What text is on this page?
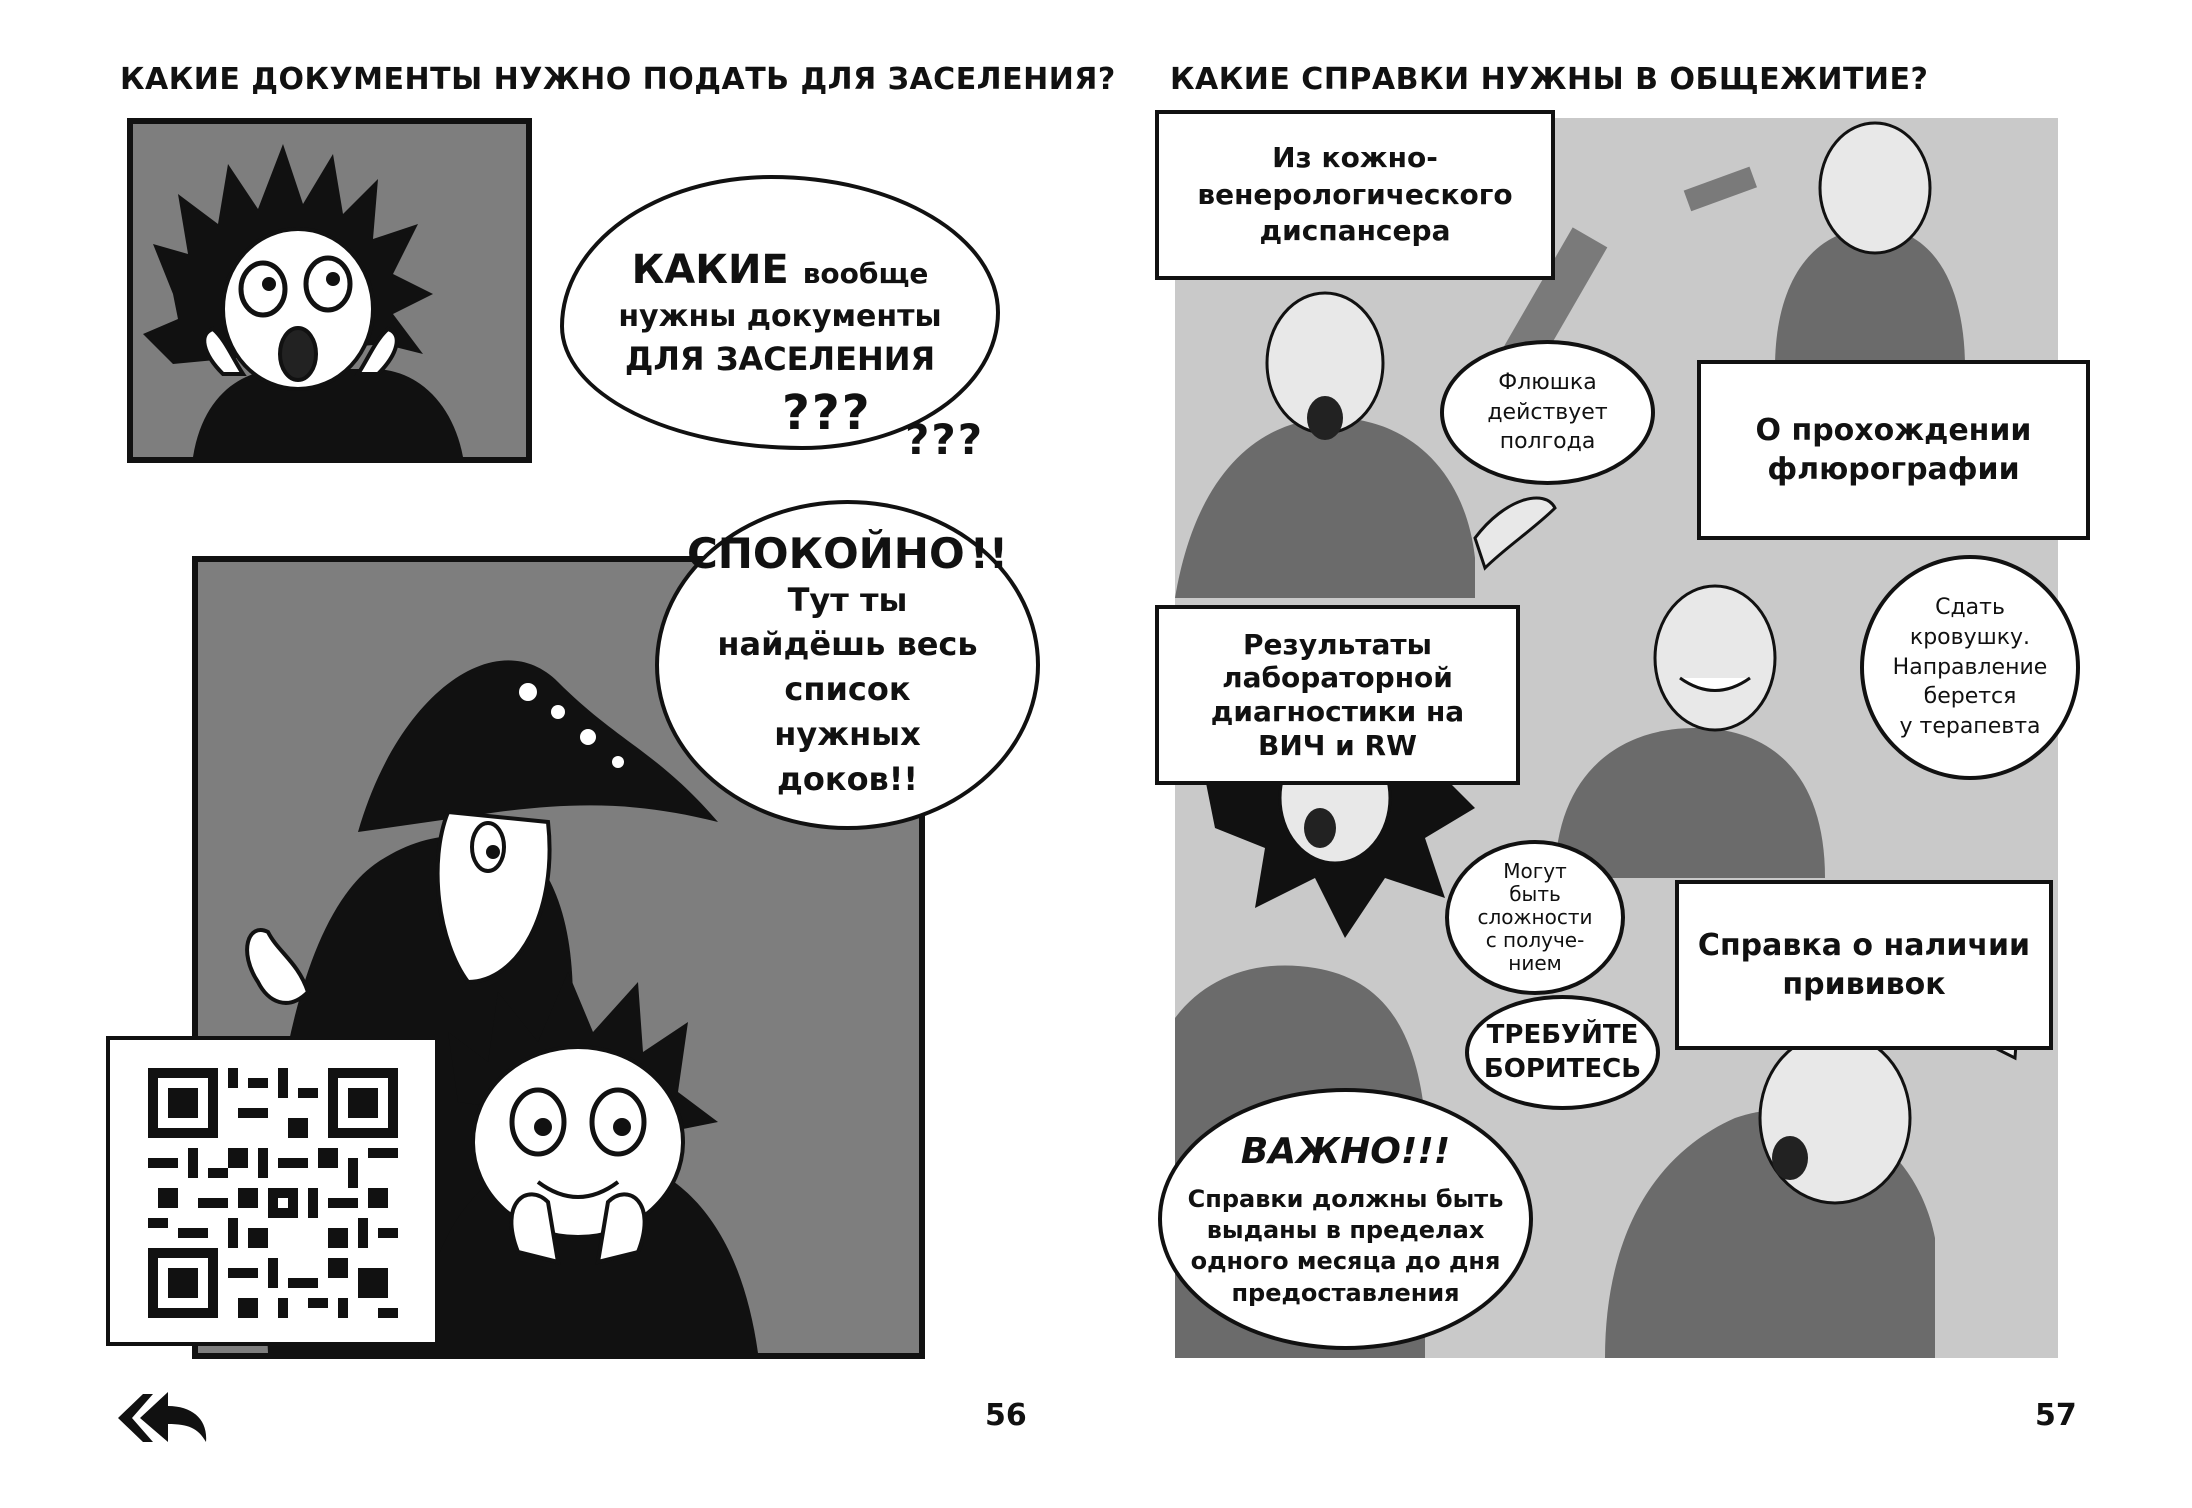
КАКИЕ ДОКУМЕНТЫ НУЖНО ПОДАТЬ ДЛЯ ЗАСЕЛЕНИЯ?
КАКИЕ вообще
нужны документы
ДЛЯ ЗАСЕЛЕНИЯ
??? ???
СПОКОЙНО !!
Тут ты
найдёшь весь
список
нужных
доков!!
56
КАКИЕ СПРАВКИ НУЖНЫ В ОБЩЕЖИТИЕ?
Из кожно-
венерологического
диспансера
Флюшка
действует
полгода	О прохождении
флюрографии
Результаты
лабораторной
диагностики на
ВИЧ и RW
Сдать
кровушку.
Направление
берется
у терапевта
Могут
быть
сложности
с получе-
нием
ТРЕБУЙТЕ
БОРИТЕСЬ
Справка о наличии
прививок
ВАЖНО!!!
Справки должны быть
выданы в пределах
одного месяца до дня
предоставления
57
